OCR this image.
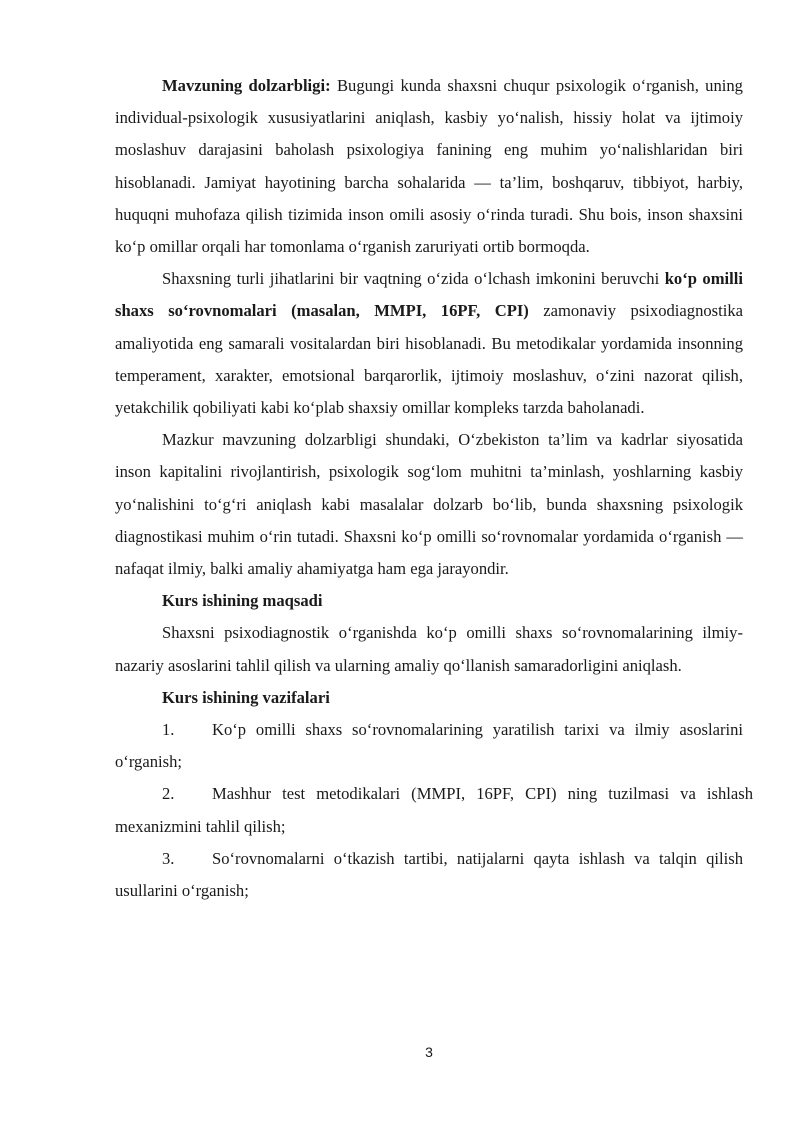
Mavzuning dolzarbligi: Bugungi kunda shaxsni chuqur psixologik o‘rganish, uning individual-psixologik xususiyatlarini aniqlash, kasbiy yo‘nalish, hissiy holat va ijtimoiy moslashuv darajasini baholash psixologiya fanining eng muhim yo‘nalishlaridan biri hisoblanadi. Jamiyat hayotining barcha sohalarida — ta’lim, boshqaruv, tibbiyot, harbiy, huquqni muhofaza qilish tizimida inson omili asosiy o‘rinda turadi. Shu bois, inson shaxsini ko‘p omillar orqali har tomonlama o‘rganish zaruriyati ortib bormoqda.

Shaxsning turli jihatlarini bir vaqtning o‘zida o‘lchash imkonini beruvchi ko‘p omilli shaxs so‘rovnomalari (masalan, MMPI, 16PF, CPI) zamonaviy psixodiagnostika amaliyotida eng samarali vositalardan biri hisoblanadi. Bu metodikalar yordamida insonning temperament, xarakter, emotsional barqarorlik, ijtimoiy moslashuv, o‘zini nazorat qilish, yetakchilik qobiliyati kabi ko‘plab shaxsiy omillar kompleks tarzda baholanadi.

Mazkur mavzuning dolzarbligi shundaki, O‘zbekiston ta’lim va kadrlar siyosatida inson kapitalini rivojlantirish, psixologik sog‘lom muhitni ta’minlash, yoshlarning kasbiy yo‘nalishini to‘g‘ri aniqlash kabi masalalar dolzarb bo‘lib, bunda shaxsning psixologik diagnostikasi muhim o‘rin tutadi. Shaxsni ko‘p omilli so‘rovnomalar yordamida o‘rganish — nafaqat ilmiy, balki amaliy ahamiyatga ham ega jarayondir.

Kurs ishining maqsadi

Shaxsni psixodiagnostik o‘rganishda ko‘p omilli shaxs so‘rovnomalarining ilmiy-nazariy asoslarini tahlil qilish va ularning amaliy qo‘llanish samaradorligini aniqlash.

Kurs ishining vazifalari

1. Ko‘p omilli shaxs so‘rovnomalarining yaratilish tarixi va ilmiy asoslarini o‘rganish;

2. Mashhur test metodikalari (MMPI, 16PF, CPI) ning tuzilmasi va ishlash mexanizmini tahlil qilish;

3. So‘rovnomalarni o‘tkazish tartibi, natijalarni qayta ishlash va talqin qilish usullarini o‘rganish;

3
